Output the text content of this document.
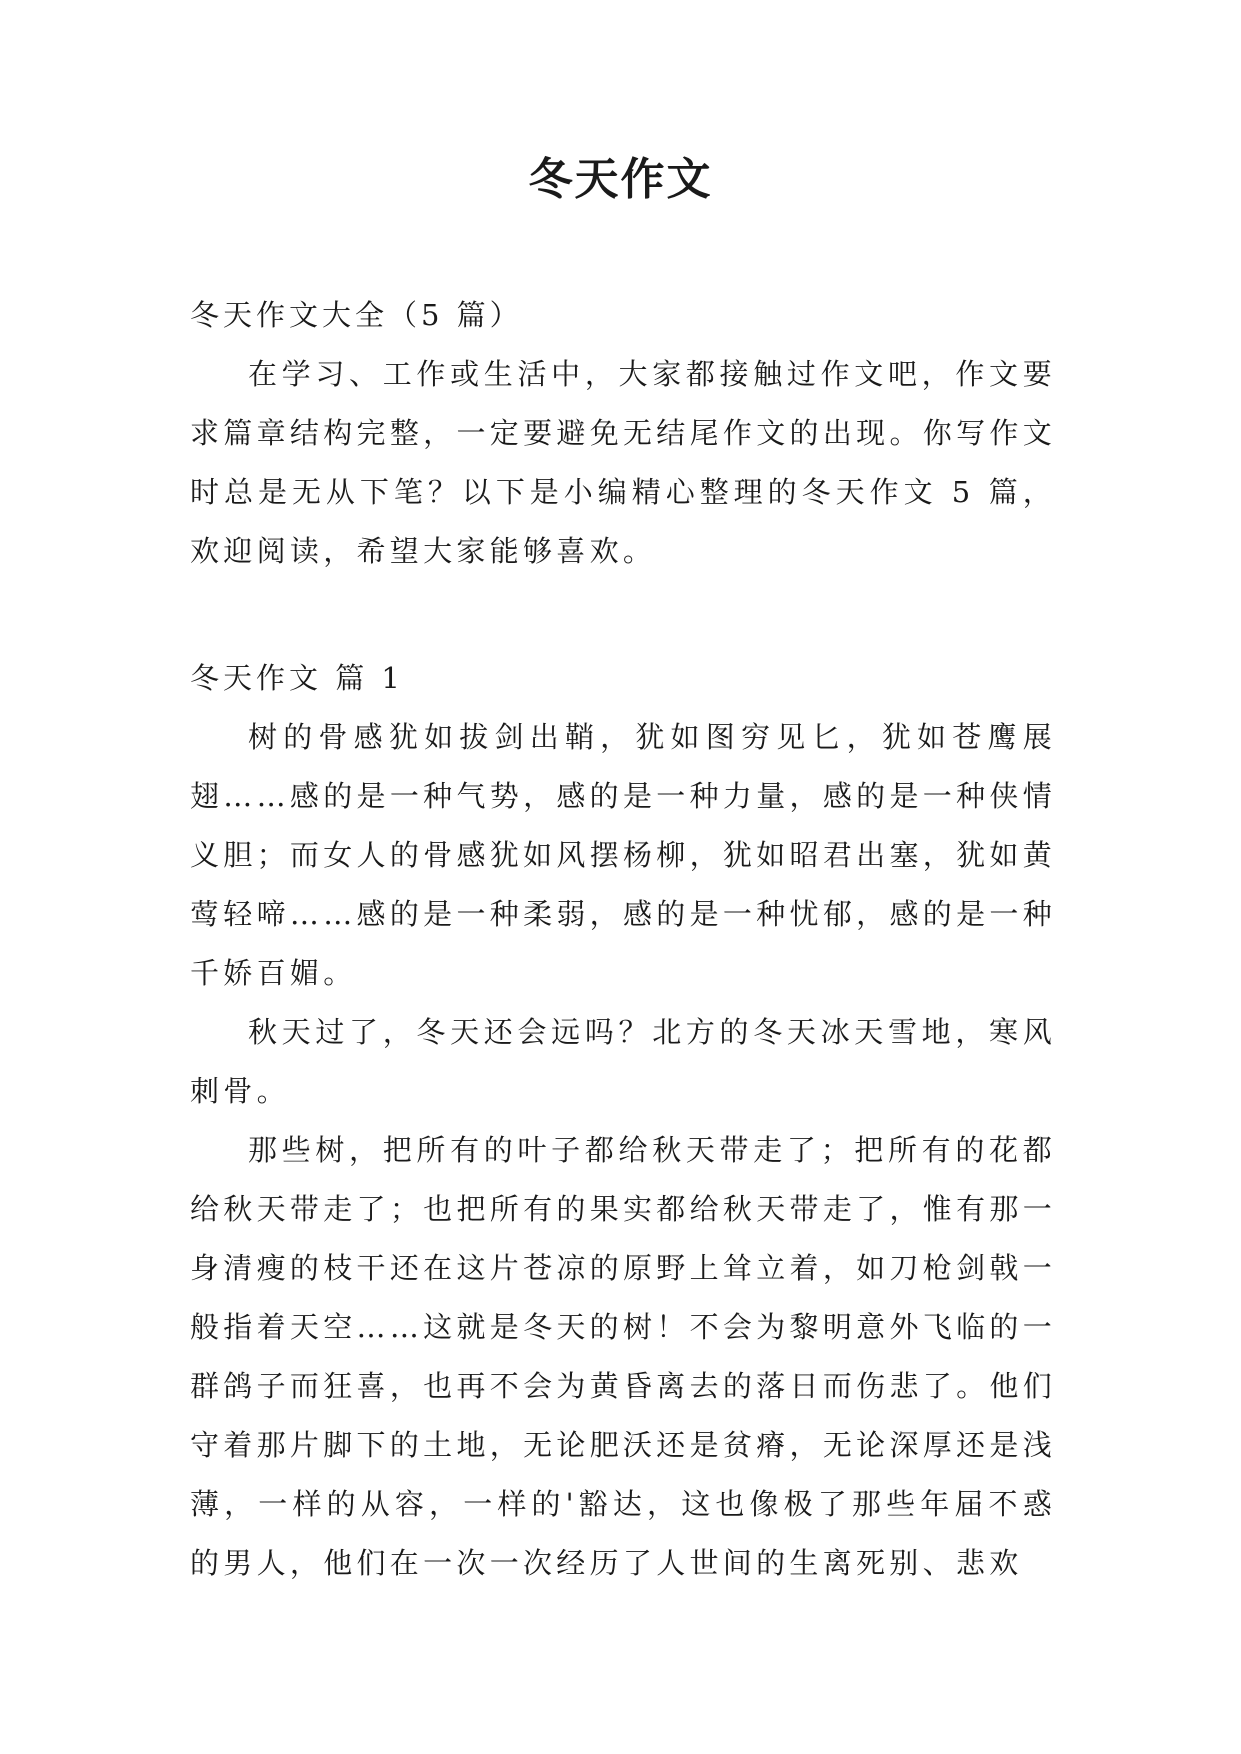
冬天作文
冬天作文大全（5 篇）

在学习、工作或生活中，大家都接触过作文吧，作文要求篇章结构完整，一定要避免无结尾作文的出现。你写作文时总是无从下笔？以下是小编精心整理的冬天作文 5 篇，欢迎阅读，希望大家能够喜欢。

冬天作文 篇 1

树的骨感犹如拔剑出鞘，犹如图穷见匕，犹如苍鹰展翅……感的是一种气势，感的是一种力量，感的是一种侠情义胆；而女人的骨感犹如风摆杨柳，犹如昭君出塞，犹如黄莺轻啼……感的是一种柔弱，感的是一种忧郁，感的是一种千娇百媚。

秋天过了，冬天还会远吗？北方的冬天冰天雪地，寒风刺骨。

那些树，把所有的叶子都给秋天带走了；把所有的花都给秋天带走了；也把所有的果实都给秋天带走了，惟有那一身清瘦的枝干还在这片苍凉的原野上耸立着，如刀枪剑戟一般指着天空……这就是冬天的树！不会为黎明意外飞临的一群鸽子而狂喜，也再不会为黄昏离去的落日而伤悲了。他们守着那片脚下的土地，无论肥沃还是贫瘠，无论深厚还是浅薄，一样的从容，一样的'豁达，这也像极了那些年届不惑的男人，他们在一次一次经历了人世间的生离死别、悲欢
